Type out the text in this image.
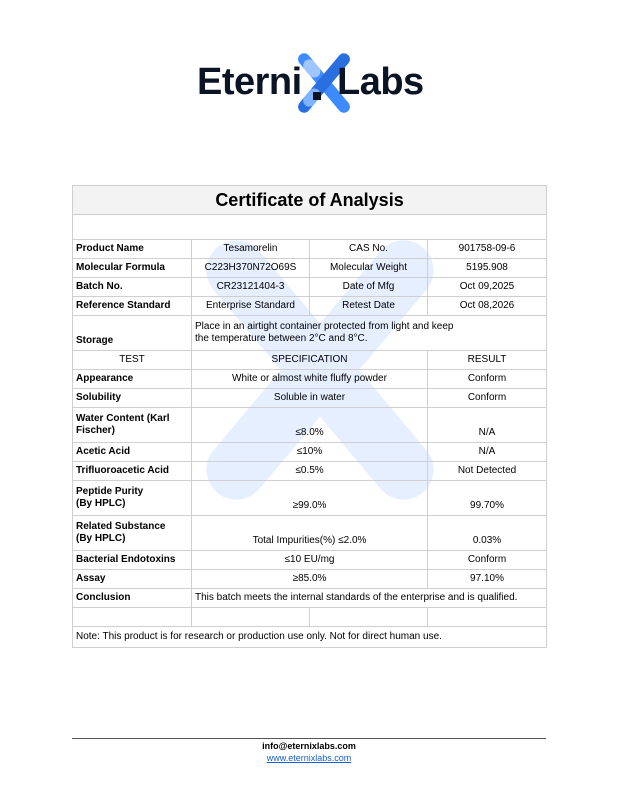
Eterni Labs
Certificate of Analysis			

Product Name	Tesamorelin	CAS No.	901758-09-6
Molecular Formula	C223H370N72O69S	Molecular Weight	5195.908
Batch No.	CR23121404-3	Date of Mfg	Oct 09,2025
Reference Standard	Enterprise Standard	Retest Date	Oct 08,2026
Storage	Place in an airtight container protected from light and keep
the temperature between 2°C and 8°C.		

TEST	SPECIFICATION		RESULT
Appearance	White or almost white fluffy powder		Conform
Solubility	Soluble in water		Conform

Water Content (Karl
Fischer)	≤8.0%		N/A
Acetic Acid	≤10%		N/A
Trifluoroacetic Acid	≤0.5%		Not Detected

Peptide Purity
(By HPLC)	≥99.0%		99.70%

Related Substance
(By HPLC)	Total Impurities(%) ≤2.0%		0.03%
Bacterial Endotoxins	≤10 EU/mg		Conform
Assay	≥85.0%		97.10%
Conclusion	This batch meets the internal standards of the enterprise and is qualified.		

Note: This product is for research or production use only. Not for direct human use.			
info@eternixlabs.com
www.eternixlabs.com
